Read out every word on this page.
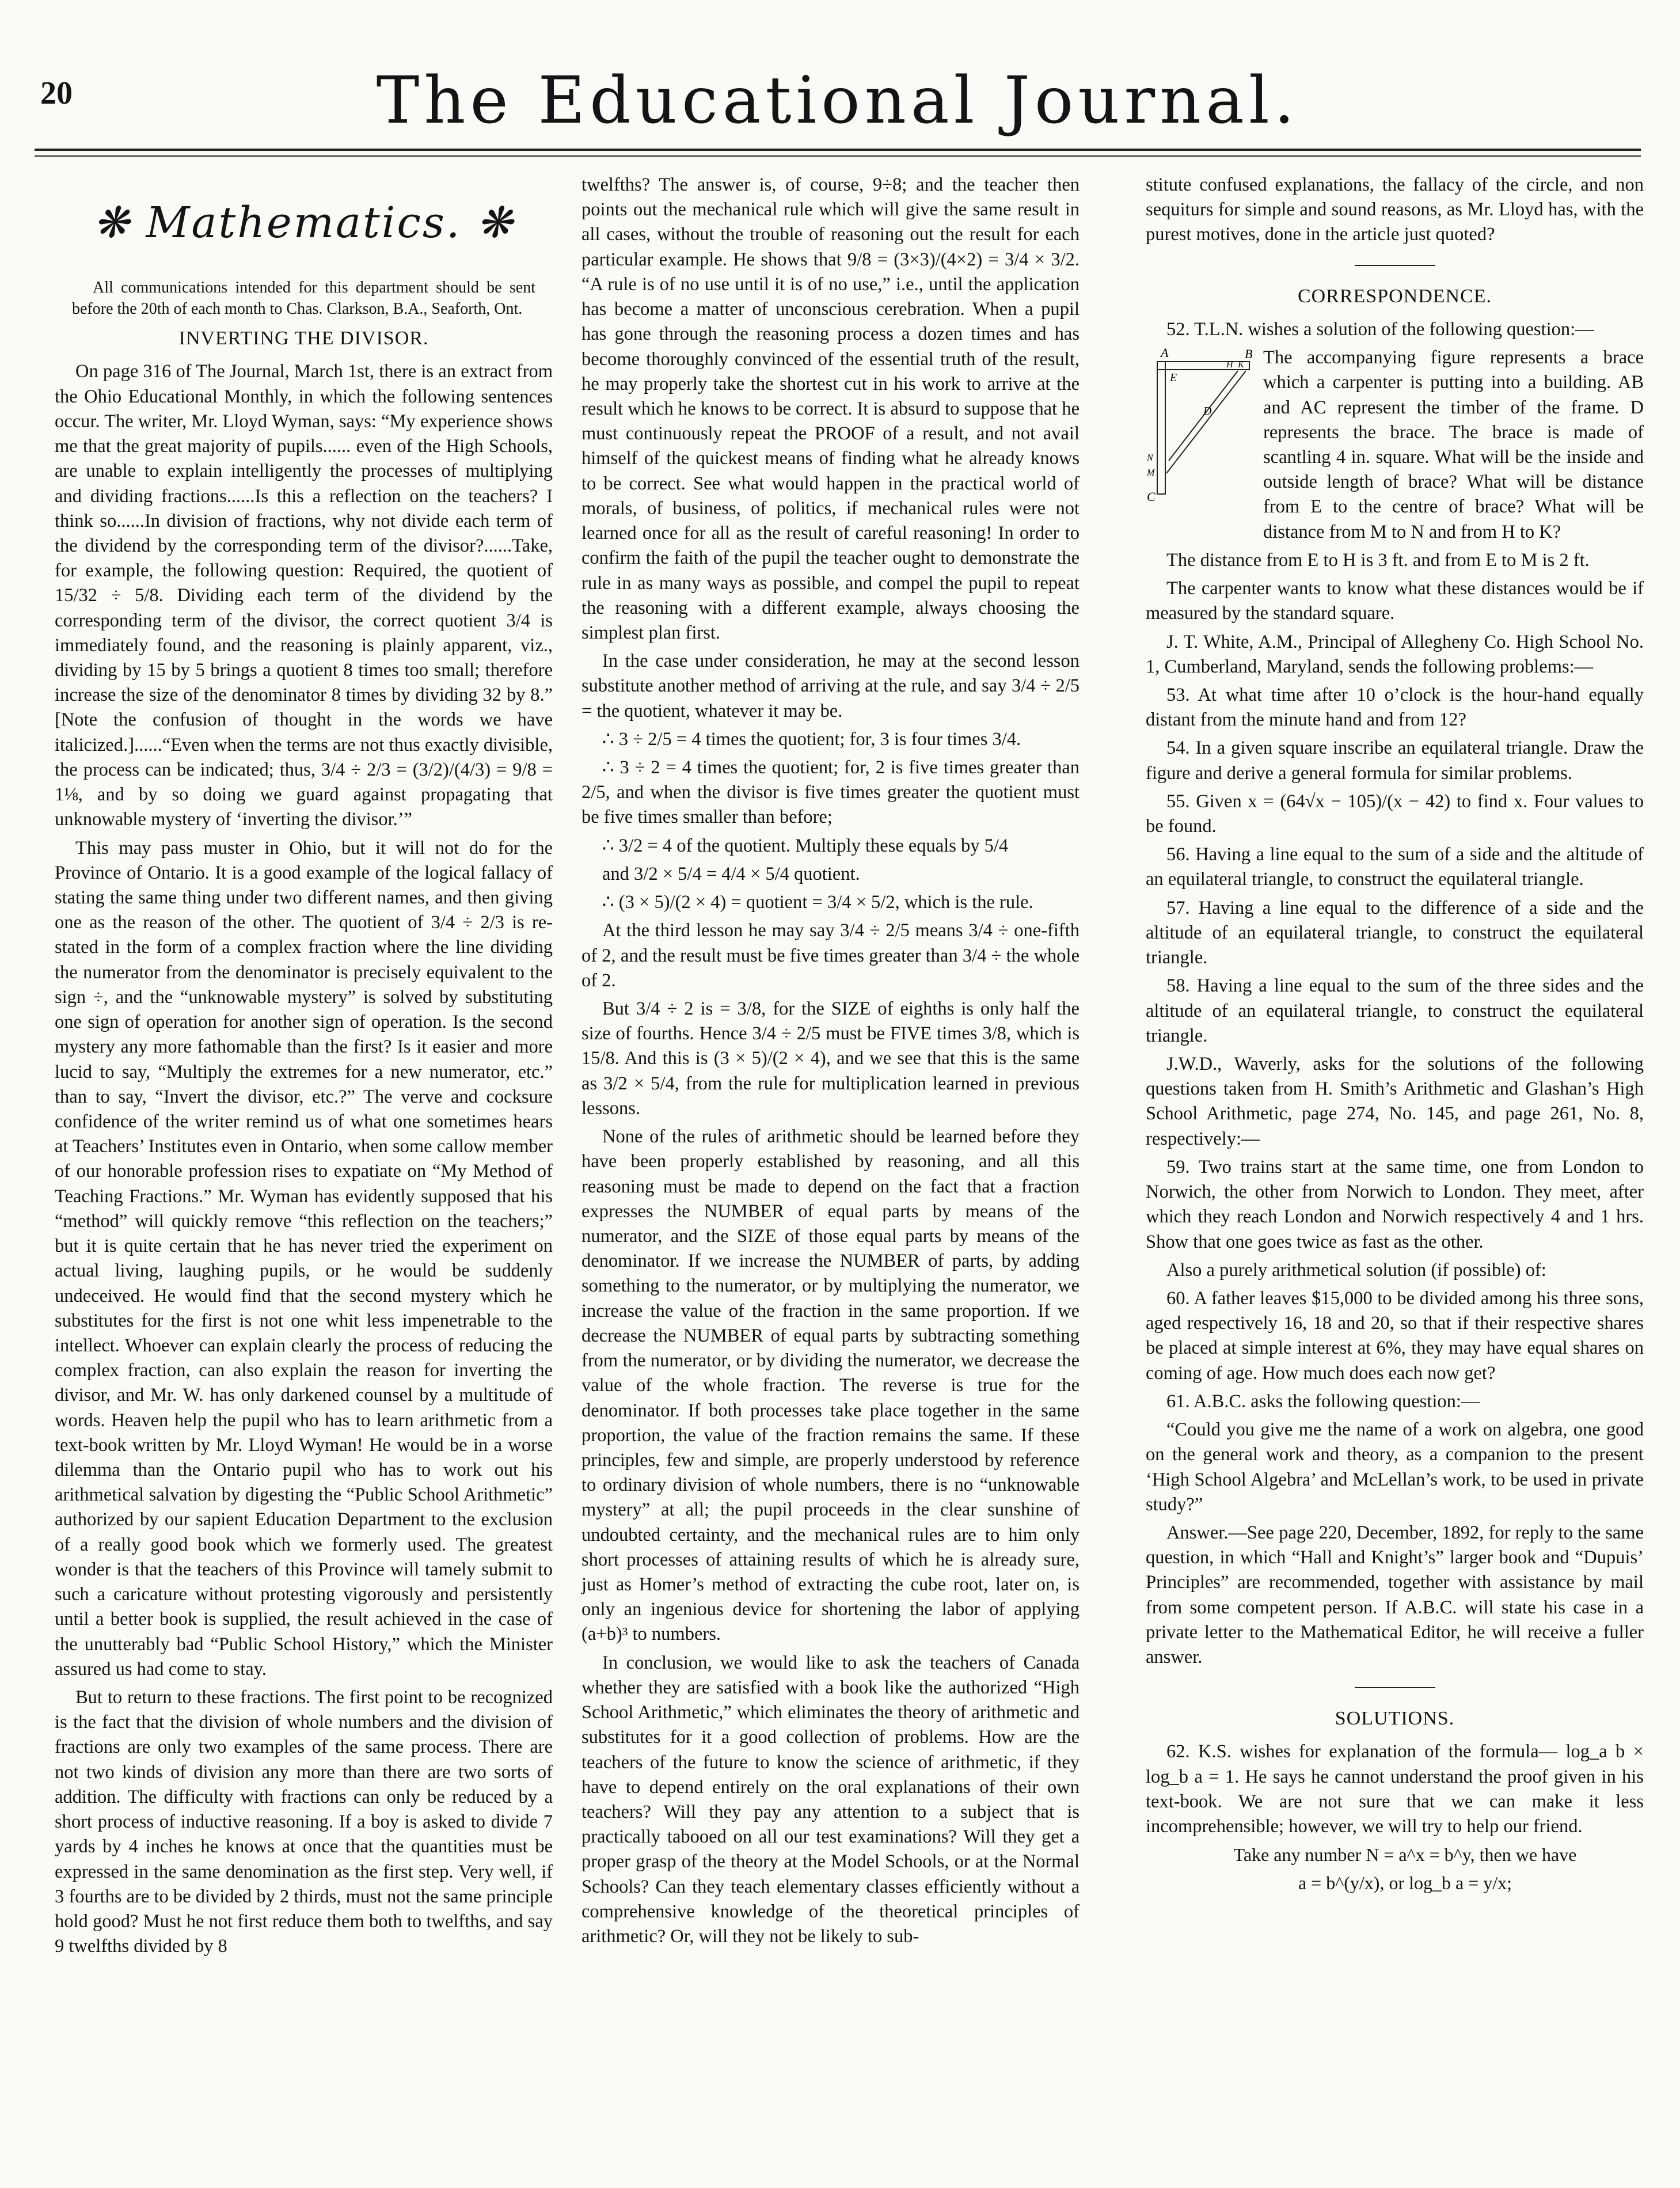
20	The Educational Journal.
❋ Mathematics. ❋

All communications intended for this department should be sent before the 20th of each month to Chas. Clarkson, B.A., Seaforth, Ont.

INVERTING THE DIVISOR.

On page 316 of The Journal, March 1st, there is an extract from the Ohio Educational Monthly, in which the following sentences occur. The writer, Mr. Lloyd Wyman, says: “My experience shows me that the great majority of pupils...... even of the High Schools, are unable to explain intelligently the processes of multiplying and dividing fractions......Is this a reflection on the teachers? I think so......In division of fractions, why not divide each term of the dividend by the corresponding term of the divisor?......Take, for example, the following question: Required, the quotient of 15/32 ÷ 5/8. Dividing each term of the dividend by the corresponding term of the divisor, the correct quotient 3/4 is immediately found, and the reasoning is plainly apparent, viz., dividing by 15 by 5 brings a quotient 8 times too small; therefore increase the size of the denominator 8 times by dividing 32 by 8.” [Note the confusion of thought in the words we have italicized.]......“Even when the terms are not thus exactly divisible, the process can be indicated; thus, 3/4 ÷ 2/3 = (3/2)/(4/3) = 9/8 = 1⅛, and by so doing we guard against propagating that unknowable mystery of ‘inverting the divisor.’”

This may pass muster in Ohio, but it will not do for the Province of Ontario. It is a good example of the logical fallacy of stating the same thing under two different names, and then giving one as the reason of the other. The quotient of 3/4 ÷ 2/3 is re-stated in the form of a complex fraction where the line dividing the numerator from the denominator is precisely equivalent to the sign ÷, and the “unknowable mystery” is solved by substituting one sign of operation for another sign of operation. Is the second mystery any more fathomable than the first? Is it easier and more lucid to say, “Multiply the extremes for a new numerator, etc.” than to say, “Invert the divisor, etc.?” The verve and cocksure confidence of the writer remind us of what one sometimes hears at Teachers’ Institutes even in Ontario, when some callow member of our honorable profession rises to expatiate on “My Method of Teaching Fractions.” Mr. Wyman has evidently supposed that his “method” will quickly remove “this reflection on the teachers;” but it is quite certain that he has never tried the experiment on actual living, laughing pupils, or he would be suddenly undeceived. He would find that the second mystery which he substitutes for the first is not one whit less impenetrable to the intellect. Whoever can explain clearly the process of reducing the complex fraction, can also explain the reason for inverting the divisor, and Mr. W. has only darkened counsel by a multitude of words. Heaven help the pupil who has to learn arithmetic from a text-book written by Mr. Lloyd Wyman! He would be in a worse dilemma than the Ontario pupil who has to work out his arithmetical salvation by digesting the “Public School Arithmetic” authorized by our sapient Education Department to the exclusion of a really good book which we formerly used. The greatest wonder is that the teachers of this Province will tamely submit to such a caricature without protesting vigorously and persistently until a better book is supplied, the result achieved in the case of the unutterably bad “Public School History,” which the Minister assured us had come to stay.

But to return to these fractions. The first point to be recognized is the fact that the division of whole numbers and the division of fractions are only two examples of the same process. There are not two kinds of division any more than there are two sorts of addition. The difficulty with fractions can only be reduced by a short process of inductive reasoning. If a boy is asked to divide 7 yards by 4 inches he knows at once that the quantities must be expressed in the same denomination as the first step. Very well, if 3 fourths are to be divided by 2 thirds, must not the same principle hold good? Must he not first reduce them both to twelfths, and say 9 twelfths divided by 8

twelfths? The answer is, of course, 9÷8; and the teacher then points out the mechanical rule which will give the same result in all cases, without the trouble of reasoning out the result for each particular example. He shows that 9/8 = (3×3)/(4×2) = 3/4 × 3/2. “A rule is of no use until it is of no use,” i.e., until the application has become a matter of unconscious cerebration. When a pupil has gone through the reasoning process a dozen times and has become thoroughly convinced of the essential truth of the result, he may properly take the shortest cut in his work to arrive at the result which he knows to be correct. It is absurd to suppose that he must continuously repeat the PROOF of a result, and not avail himself of the quickest means of finding what he already knows to be correct. See what would happen in the practical world of morals, of business, of politics, if mechanical rules were not learned once for all as the result of careful reasoning! In order to confirm the faith of the pupil the teacher ought to demonstrate the rule in as many ways as possible, and compel the pupil to repeat the reasoning with a different example, always choosing the simplest plan first.

In the case under consideration, he may at the second lesson substitute another method of arriving at the rule, and say 3/4 ÷ 2/5 = the quotient, whatever it may be.

∴ 3 ÷ 2/5 = 4 times the quotient; for, 3 is four times 3/4.

∴ 3 ÷ 2 = 4 times the quotient; for, 2 is five times greater than 2/5, and when the divisor is five times greater the quotient must be five times smaller than before;

∴ 3/2 = 4 of the quotient. Multiply these equals by 5/4

and 3/2 × 5/4 = 4/4 × 5/4 quotient.

∴ (3 × 5)/(2 × 4) = quotient = 3/4 × 5/2, which is the rule.

At the third lesson he may say 3/4 ÷ 2/5 means 3/4 ÷ one-fifth of 2, and the result must be five times greater than 3/4 ÷ the whole of 2.

But 3/4 ÷ 2 is = 3/8, for the SIZE of eighths is only half the size of fourths. Hence 3/4 ÷ 2/5 must be FIVE times 3/8, which is 15/8. And this is (3 × 5)/(2 × 4), and we see that this is the same as 3/2 × 5/4, from the rule for multiplication learned in previous lessons.

None of the rules of arithmetic should be learned before they have been properly established by reasoning, and all this reasoning must be made to depend on the fact that a fraction expresses the NUMBER of equal parts by means of the numerator, and the SIZE of those equal parts by means of the denominator. If we increase the NUMBER of parts, by adding something to the numerator, or by multiplying the numerator, we increase the value of the fraction in the same proportion. If we decrease the NUMBER of equal parts by subtracting something from the numerator, or by dividing the numerator, we decrease the value of the whole fraction. The reverse is true for the denominator. If both processes take place together in the same proportion, the value of the fraction remains the same. If these principles, few and simple, are properly understood by reference to ordinary division of whole numbers, there is no “unknowable mystery” at all; the pupil proceeds in the clear sunshine of undoubted certainty, and the mechanical rules are to him only short processes of attaining results of which he is already sure, just as Homer’s method of extracting the cube root, later on, is only an ingenious device for shortening the labor of applying (a+b)³ to numbers.

In conclusion, we would like to ask the teachers of Canada whether they are satisfied with a book like the authorized “High School Arithmetic,” which eliminates the theory of arithmetic and substitutes for it a good collection of problems. How are the teachers of the future to know the science of arithmetic, if they have to depend entirely on the oral explanations of their own teachers? Will they pay any attention to a subject that is practically tabooed on all our test examinations? Will they get a proper grasp of the theory at the Model Schools, or at the Normal Schools? Can they teach elementary classes efficiently without a comprehensive knowledge of the theoretical principles of arithmetic? Or, will they not be likely to sub-

stitute confused explanations, the fallacy of the circle, and non sequiturs for simple and sound reasons, as Mr. Lloyd has, with the purest motives, done in the article just quoted?

CORRESPONDENCE.

52. T.L.N. wishes a solution of the following question:—

A	B
E
H K
D
N
M
C
The accompanying figure represents a brace which a carpenter is putting into a building. AB and AC represent the timber of the frame. D represents the brace. The brace is made of scantling 4 in. square. What will be the inside and outside length of brace? What will be distance from E to the centre of brace? What will be distance from M to N and from H to K?

The distance from E to H is 3 ft. and from E to M is 2 ft.

The carpenter wants to know what these distances would be if measured by the standard square.

J. T. White, A.M., Principal of Allegheny Co. High School No. 1, Cumberland, Maryland, sends the following problems:—

53. At what time after 10 o’clock is the hour-hand equally distant from the minute hand and from 12?

54. In a given square inscribe an equilateral triangle. Draw the figure and derive a general formula for similar problems.

55. Given x = (64√x − 105)/(x − 42) to find x. Four values to be found.

56. Having a line equal to the sum of a side and the altitude of an equilateral triangle, to construct the equilateral triangle.

57. Having a line equal to the difference of a side and the altitude of an equilateral triangle, to construct the equilateral triangle.

58. Having a line equal to the sum of the three sides and the altitude of an equilateral triangle, to construct the equilateral triangle.

J.W.D., Waverly, asks for the solutions of the following questions taken from H. Smith’s Arithmetic and Glashan’s High School Arithmetic, page 274, No. 145, and page 261, No. 8, respectively:—

59. Two trains start at the same time, one from London to Norwich, the other from Norwich to London. They meet, after which they reach London and Norwich respectively 4 and 1 hrs. Show that one goes twice as fast as the other.

Also a purely arithmetical solution (if possible) of:

60. A father leaves $15,000 to be divided among his three sons, aged respectively 16, 18 and 20, so that if their respective shares be placed at simple interest at 6%, they may have equal shares on coming of age. How much does each now get?

61. A.B.C. asks the following question:—

“Could you give me the name of a work on algebra, one good on the general work and theory, as a companion to the present ‘High School Algebra’ and McLellan’s work, to be used in private study?”

Answer.—See page 220, December, 1892, for reply to the same question, in which “Hall and Knight’s” larger book and “Dupuis’ Principles” are recommended, together with assistance by mail from some competent person. If A.B.C. will state his case in a private letter to the Mathematical Editor, he will receive a fuller answer.

SOLUTIONS.

62. K.S. wishes for explanation of the formula— log_a b × log_b a = 1. He says he cannot understand the proof given in his text-book. We are not sure that we can make it less incomprehensible; however, we will try to help our friend.

Take any number N = a^x = b^y, then we have

a = b^(y/x), or log_b a = y/x;
